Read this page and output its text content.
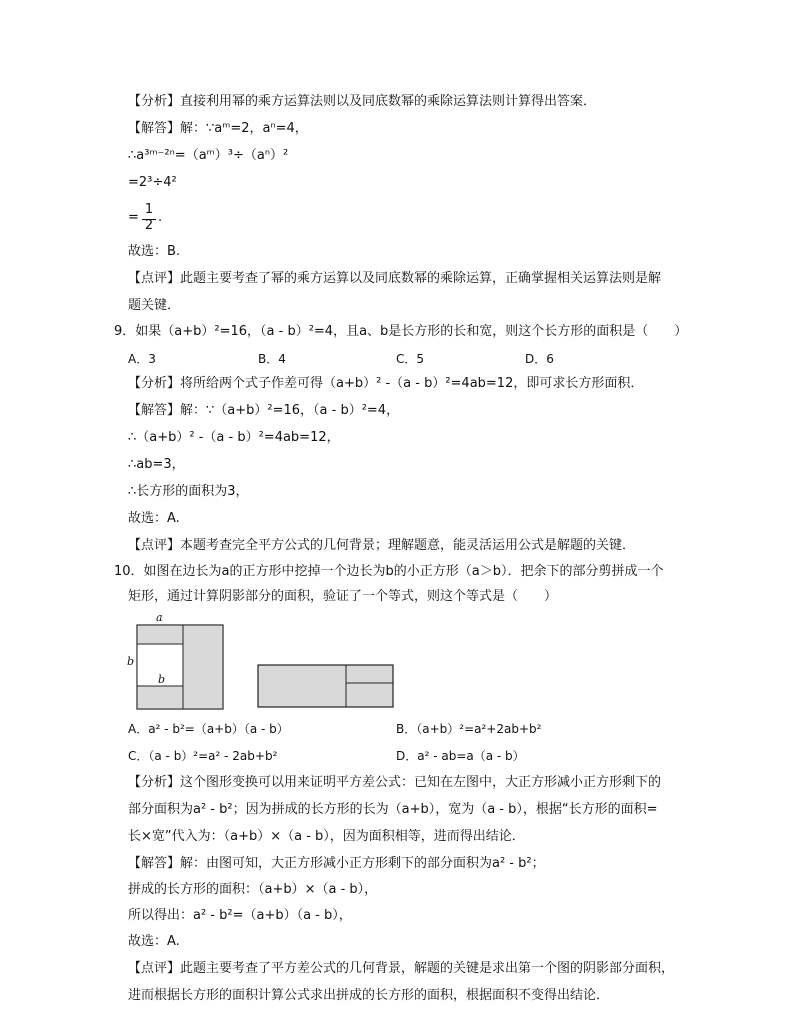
【分析】直接利用幂的乘方运算法则以及同底数幂的乘除运算法则计算得出答案．
【解答】解：∵aᵐ=2，aⁿ=4，
∴a³ᵐ⁻²ⁿ=（aᵐ）³÷（aⁿ）²
=2³÷4²
=
1
2
.
故选：B.
【点评】此题主要考查了幂的乘方运算以及同底数幂的乘除运算，正确掌握相关运算法则是解
题关键．
9．如果（a+b）²=16，（a - b）²=4，且a、b是长方形的长和宽，则这个长方形的面积是（　　）
A．3	B．4	C．5	D．6
【分析】将所给两个式子作差可得（a+b）² -（a - b）²=4ab=12，即可求长方形面积．
【解答】解：∵（a+b）²=16，（a - b）²=4，
∴（a+b）² -（a - b）²=4ab=12，
∴ab=3，
∴长方形的面积为3，
故选：A.
【点评】本题考查完全平方公式的几何背景；理解题意，能灵活运用公式是解题的关键．
10．如图在边长为a的正方形中挖掉一个边长为b的小正方形（a＞b）．把余下的部分剪拼成一个
矩形，通过计算阴影部分的面积，验证了一个等式，则这个等式是（　　）
a
b
b
A．a² - b²=（a+b）（a - b）	B．（a+b）²=a²+2ab+b²
C．（a - b）²=a² - 2ab+b²	D．a² - ab=a（a - b）
【分析】这个图形变换可以用来证明平方差公式：已知在左图中，大正方形减小正方形剩下的
部分面积为a² - b²；因为拼成的长方形的长为（a+b），宽为（a - b），根据“长方形的面积=
长×宽”代入为：（a+b）×（a - b），因为面积相等，进而得出结论．
【解答】解：由图可知，大正方形减小正方形剩下的部分面积为a² - b²；
拼成的长方形的面积：（a+b）×（a - b），
所以得出：a² - b²=（a+b）（a - b），
故选：A.
【点评】此题主要考查了平方差公式的几何背景，解题的关键是求出第一个图的阴影部分面积，
进而根据长方形的面积计算公式求出拼成的长方形的面积，根据面积不变得出结论．
